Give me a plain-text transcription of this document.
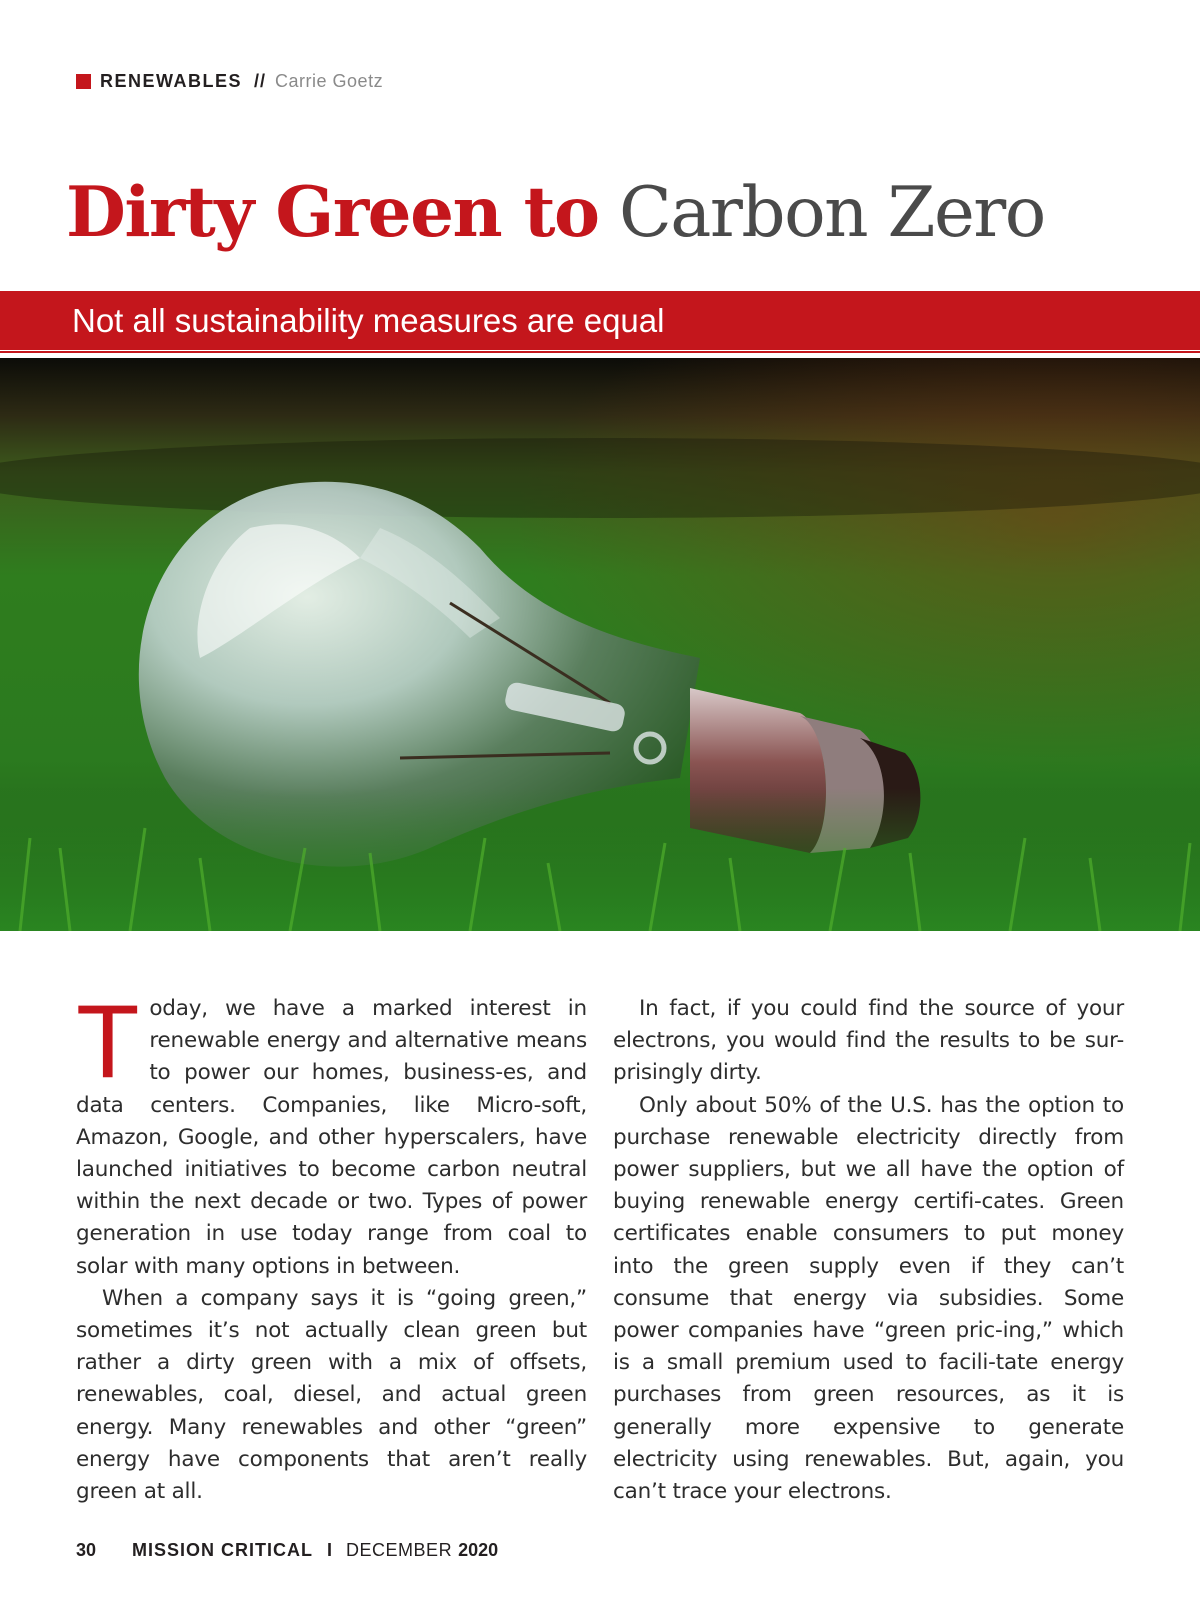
RENEWABLES // Carrie Goetz
Dirty Green to Carbon Zero
Not all sustainability measures are equal

Today, we have a marked interest in renewable energy and alternative means to power our homes, business-es, and data centers. Companies, like Micro-soft, Amazon, Google, and other hyperscalers, have launched initiatives to become carbon neutral within the next decade or two. Types of power generation in use today range from coal to solar with many options in between.

When a company says it is “going green,” sometimes it’s not actually clean green but rather a dirty green with a mix of offsets, renewables, coal, diesel, and actual green energy. Many renewables and other “green” energy have components that aren’t really green at all.

In fact, if you could find the source of your electrons, you would find the results to be sur-prisingly dirty.

Only about 50% of the U.S. has the option to purchase renewable electricity directly from power suppliers, but we all have the option of buying renewable energy certifi-cates. Green certificates enable consumers to put money into the green supply even if they can’t consume that energy via subsidies. Some power companies have “green pric-ing,” which is a small premium used to facili-tate energy purchases from green resources, as it is generally more expensive to generate electricity using renewables. But, again, you can’t trace your electrons.

30 MISSION CRITICAL I DECEMBER 2020
